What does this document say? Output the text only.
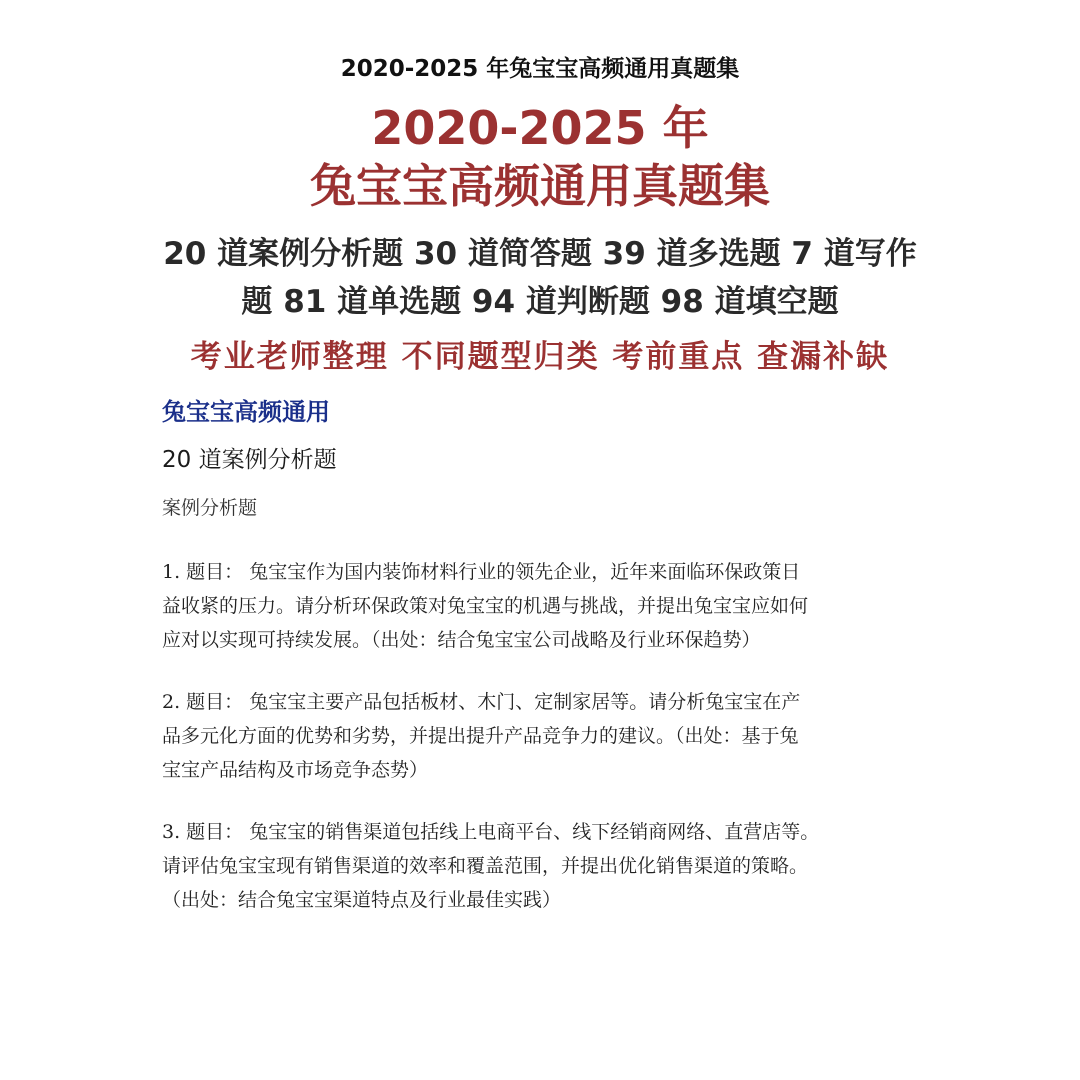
2020-2025 年兔宝宝高频通用真题集
2020-2025 年
兔宝宝高频通用真题集
20 道案例分析题 30 道简答题 39 道多选题 7 道写作
题 81 道单选题 94 道判断题 98 道填空题
考业老师整理 不同题型归类 考前重点 查漏补缺
兔宝宝高频通用
20 道案例分析题
案例分析题
1. 题目： 兔宝宝作为国内装饰材料行业的领先企业，近年来面临环保政策日
益收紧的压力。请分析环保政策对兔宝宝的机遇与挑战，并提出兔宝宝应如何
应对以实现可持续发展。（出处：结合兔宝宝公司战略及行业环保趋势）
2. 题目： 兔宝宝主要产品包括板材、木门、定制家居等。请分析兔宝宝在产
品多元化方面的优势和劣势，并提出提升产品竞争力的建议。（出处：基于兔
宝宝产品结构及市场竞争态势）
3. 题目： 兔宝宝的销售渠道包括线上电商平台、线下经销商网络、直营店等。
请评估兔宝宝现有销售渠道的效率和覆盖范围，并提出优化销售渠道的策略。
（出处：结合兔宝宝渠道特点及行业最佳实践）
